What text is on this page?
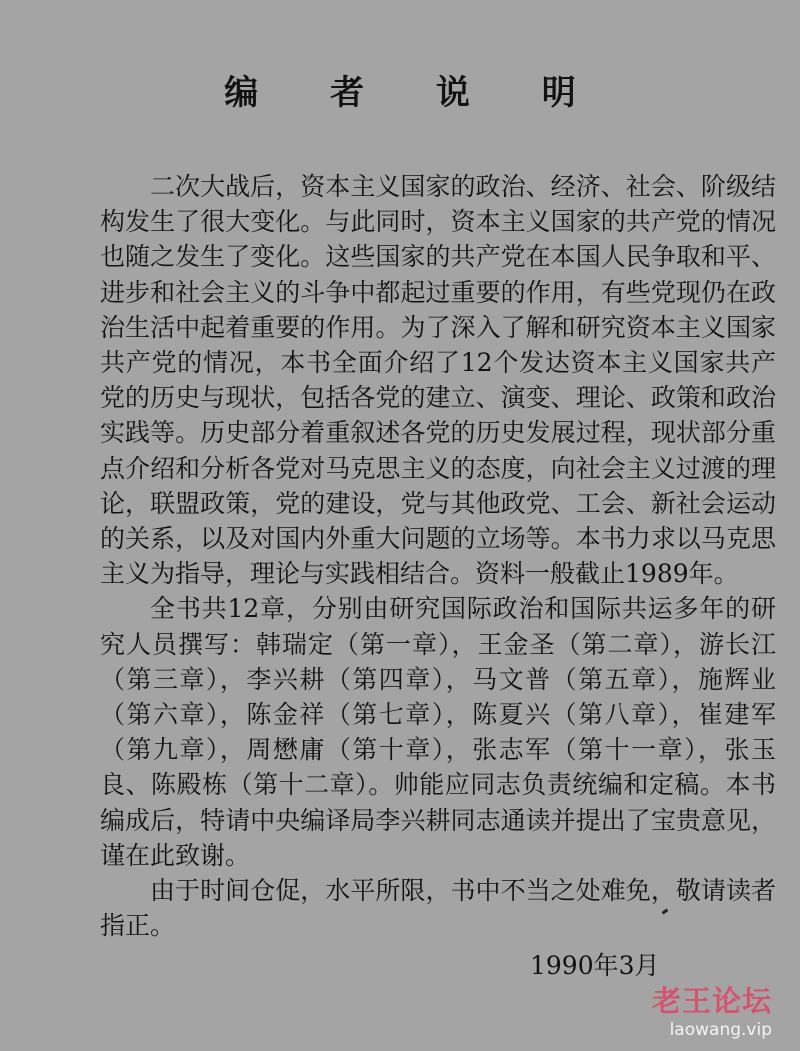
编 者 说 明

二次大战后，资本主义国家的政治、经济、社会、阶级结构发生了很大变化。与此同时，资本主义国家的共产党的情况也随之发生了变化。这些国家的共产党在本国人民争取和平、进步和社会主义的斗争中都起过重要的作用，有些党现仍在政治生活中起着重要的作用。为了深入了解和研究资本主义国家共产党的情况，本书全面介绍了12个发达资本主义国家共产党的历史与现状，包括各党的建立、演变、理论、政策和政治实践等。历史部分着重叙述各党的历史发展过程，现状部分重点介绍和分析各党对马克思主义的态度，向社会主义过渡的理论，联盟政策，党的建设，党与其他政党、工会、新社会运动的关系，以及对国内外重大问题的立场等。本书力求以马克思主义为指导，理论与实践相结合。资料一般截止1989年。

全书共12章，分别由研究国际政治和国际共运多年的研究人员撰写：韩瑞定（第一章），王金圣（第二章），游长江（第三章），李兴耕（第四章），马文普（第五章），施辉业（第六章），陈金祥（第七章），陈夏兴（第八章），崔建军（第九章），周懋庸（第十章），张志军（第十一章），张玉良、陈殿栋（第十二章）。帅能应同志负责统编和定稿。本书编成后，特请中央编译局李兴耕同志通读并提出了宝贵意见，谨在此致谢。

由于时间仓促，水平所限，书中不当之处难免，敬请读者指正。

1990年3月
老王论坛
laowang.vip
